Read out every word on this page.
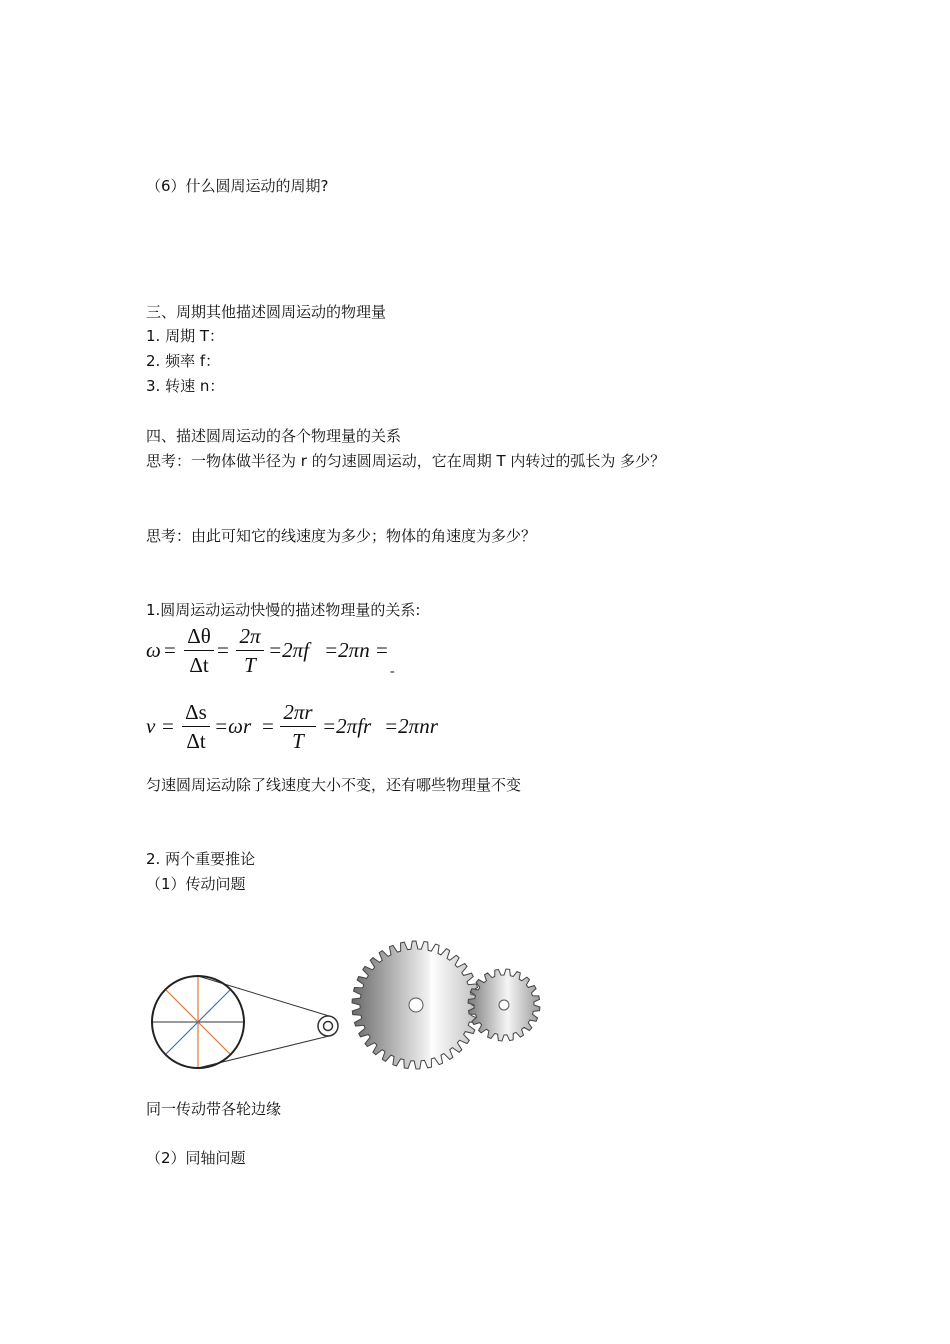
（6）什么圆周运动的周期?
三、周期其他描述圆周运动的物理量
1. 周期 T：
2. 频率 f：
3. 转速 n：
四、描述圆周运动的各个物理量的关系
思考：一物体做半径为 r 的匀速圆周运动，它在周期 T 内转过的弧长为 多少？
思考：由此可知它的线速度为多少；物体的角速度为多少？
1.圆周运动运动快慢的描述物理量的关系:
ω =
Δθ
Δt
=
2π
T
=2πf =2πn =
-
v =
Δs
Δt
=ωr =
2πr
T
=2πfr =2πnr
匀速圆周运动除了线速度大小不变，还有哪些物理量不变
2. 两个重要推论
（1）传动问题
同一传动带各轮边缘
（2）同轴问题
